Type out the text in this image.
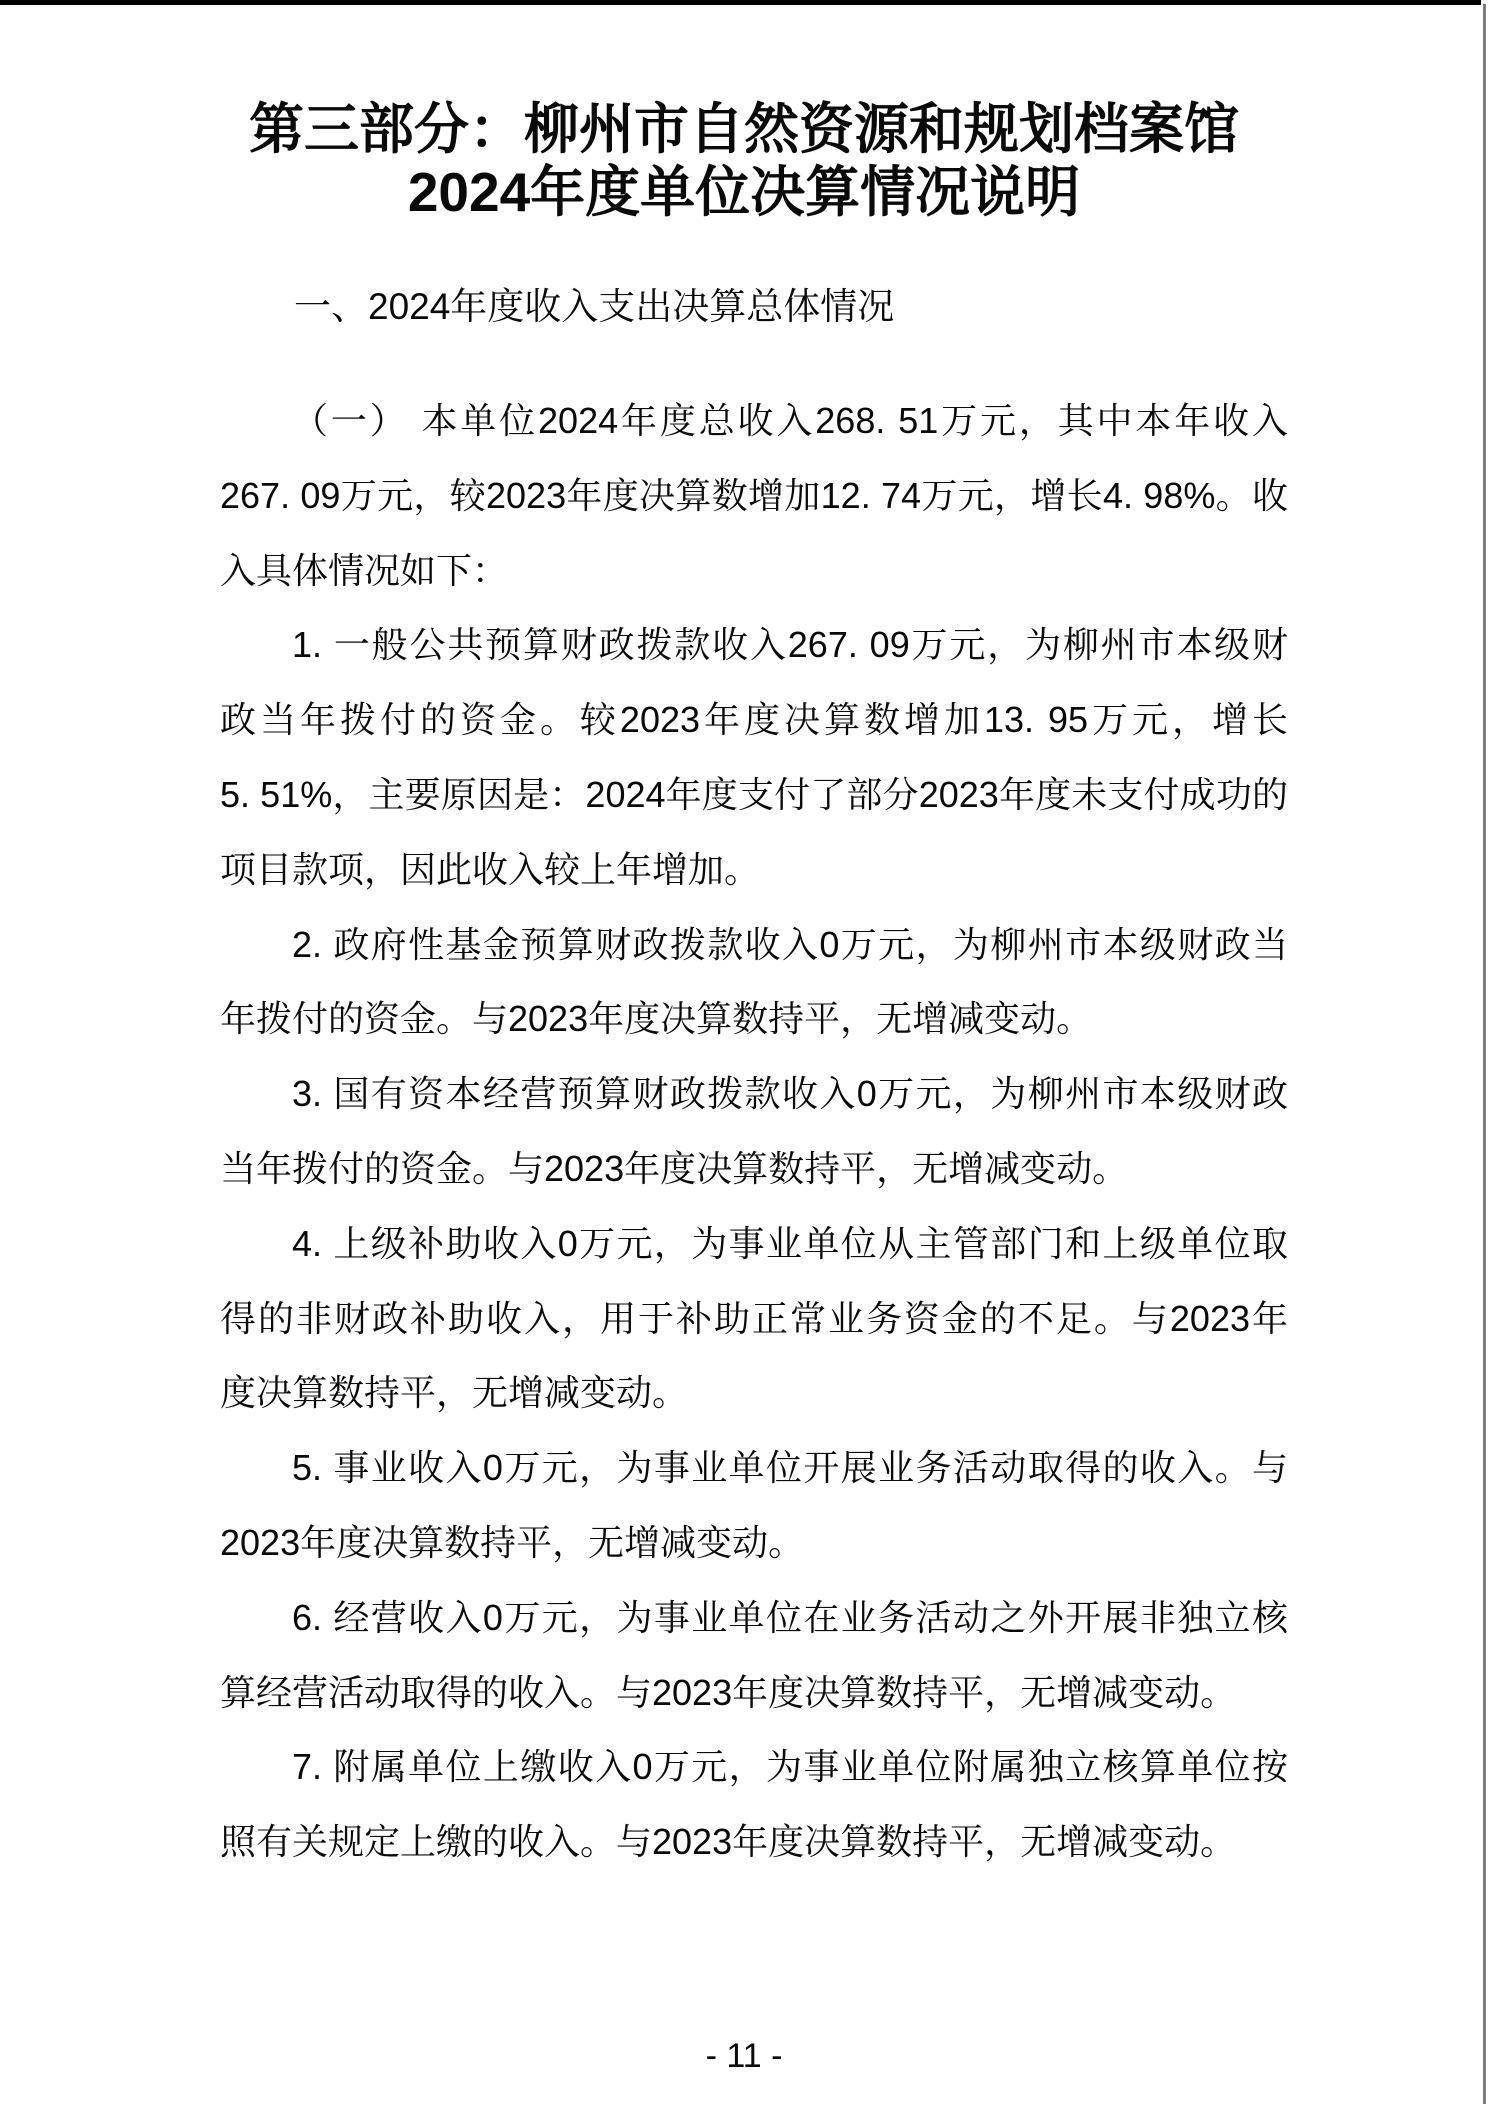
第三部分：柳州市自然资源和规划档案馆
2024年度单位决算情况说明
一、2024年度收入支出决算总体情况
（一） 本单位2024年度总收入268. 51万元，其中本年收入
267. 09万元，较2023年度决算数增加12. 74万元，增长4. 98%。收
入具体情况如下：
1. 一般公共预算财政拨款收入267. 09万元，为柳州市本级财
政当年拨付的资金。较2023年度决算数增加13. 95万元，增长
5. 51%，主要原因是：2024年度支付了部分2023年度未支付成功的
项目款项，因此收入较上年增加。
2. 政府性基金预算财政拨款收入0万元，为柳州市本级财政当
年拨付的资金。与2023年度决算数持平，无增减变动。
3. 国有资本经营预算财政拨款收入0万元，为柳州市本级财政
当年拨付的资金。与2023年度决算数持平，无增减变动。
4. 上级补助收入0万元，为事业单位从主管部门和上级单位取
得的非财政补助收入，用于补助正常业务资金的不足。与2023年
度决算数持平，无增减变动。
5. 事业收入0万元，为事业单位开展业务活动取得的收入。与
2023年度决算数持平，无增减变动。
6. 经营收入0万元，为事业单位在业务活动之外开展非独立核
算经营活动取得的收入。与2023年度决算数持平，无增减变动。
7. 附属单位上缴收入0万元，为事业单位附属独立核算单位按
照有关规定上缴的收入。与2023年度决算数持平，无增减变动。
- 11 -
